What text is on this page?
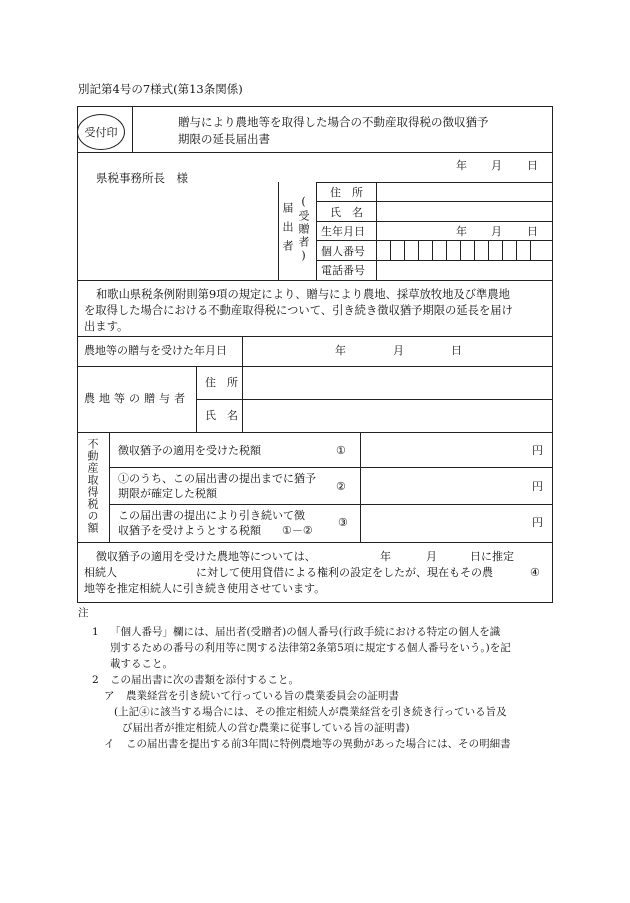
別記第4号の7様式(第13条関係)
受付印
贈与により農地等を取得した場合の不動産取得税の徴収猶予
期限の延長届出書
年 月 日
県税事務所長　様
届出者 (受贈者)
住　所
氏　名
生年月日
個人番号
電話番号
年 月 日
和歌山県税条例附則第9項の規定により、贈与により農地、採草放牧地及び準農地
を取得した場合における不動産取得税について、引き続き徴収猶予期限の延長を届け
出ます。
農地等の贈与を受けた年月日	年	月	日
農地等の贈与者
住　所
氏　名
不動産取得税の額 徴収猶予の適用を受けた税額	①	円
①のうち、この届出書の提出までに猶予
期限が確定した税額
②	円
この届出書の提出により引き続いて徴
収猶予を受けようとする税額 ①－②
③	円
徴収猶予の適用を受けた農地等については、	年	月	日に推定
相続人	に対して使用貸借による権利の設定をしたが、現在もその農	④
地等を推定相続人に引き続き使用させています。
注
1 「個人番号」欄には、届出者(受贈者)の個人番号(行政手続における特定の個人を識
別するための番号の利用等に関する法律第2条第5項に規定する個人番号をいう。)を記
載すること。
2 この届出書に次の書類を添付すること。
ア 農業経営を引き続いて行っている旨の農業委員会の証明書
(上記④に該当する場合には、その推定相続人が農業経営を引き続き行っている旨及
び届出者が推定相続人の営む農業に従事している旨の証明書)
イ この届出書を提出する前3年間に特例農地等の異動があった場合には、その明細書
